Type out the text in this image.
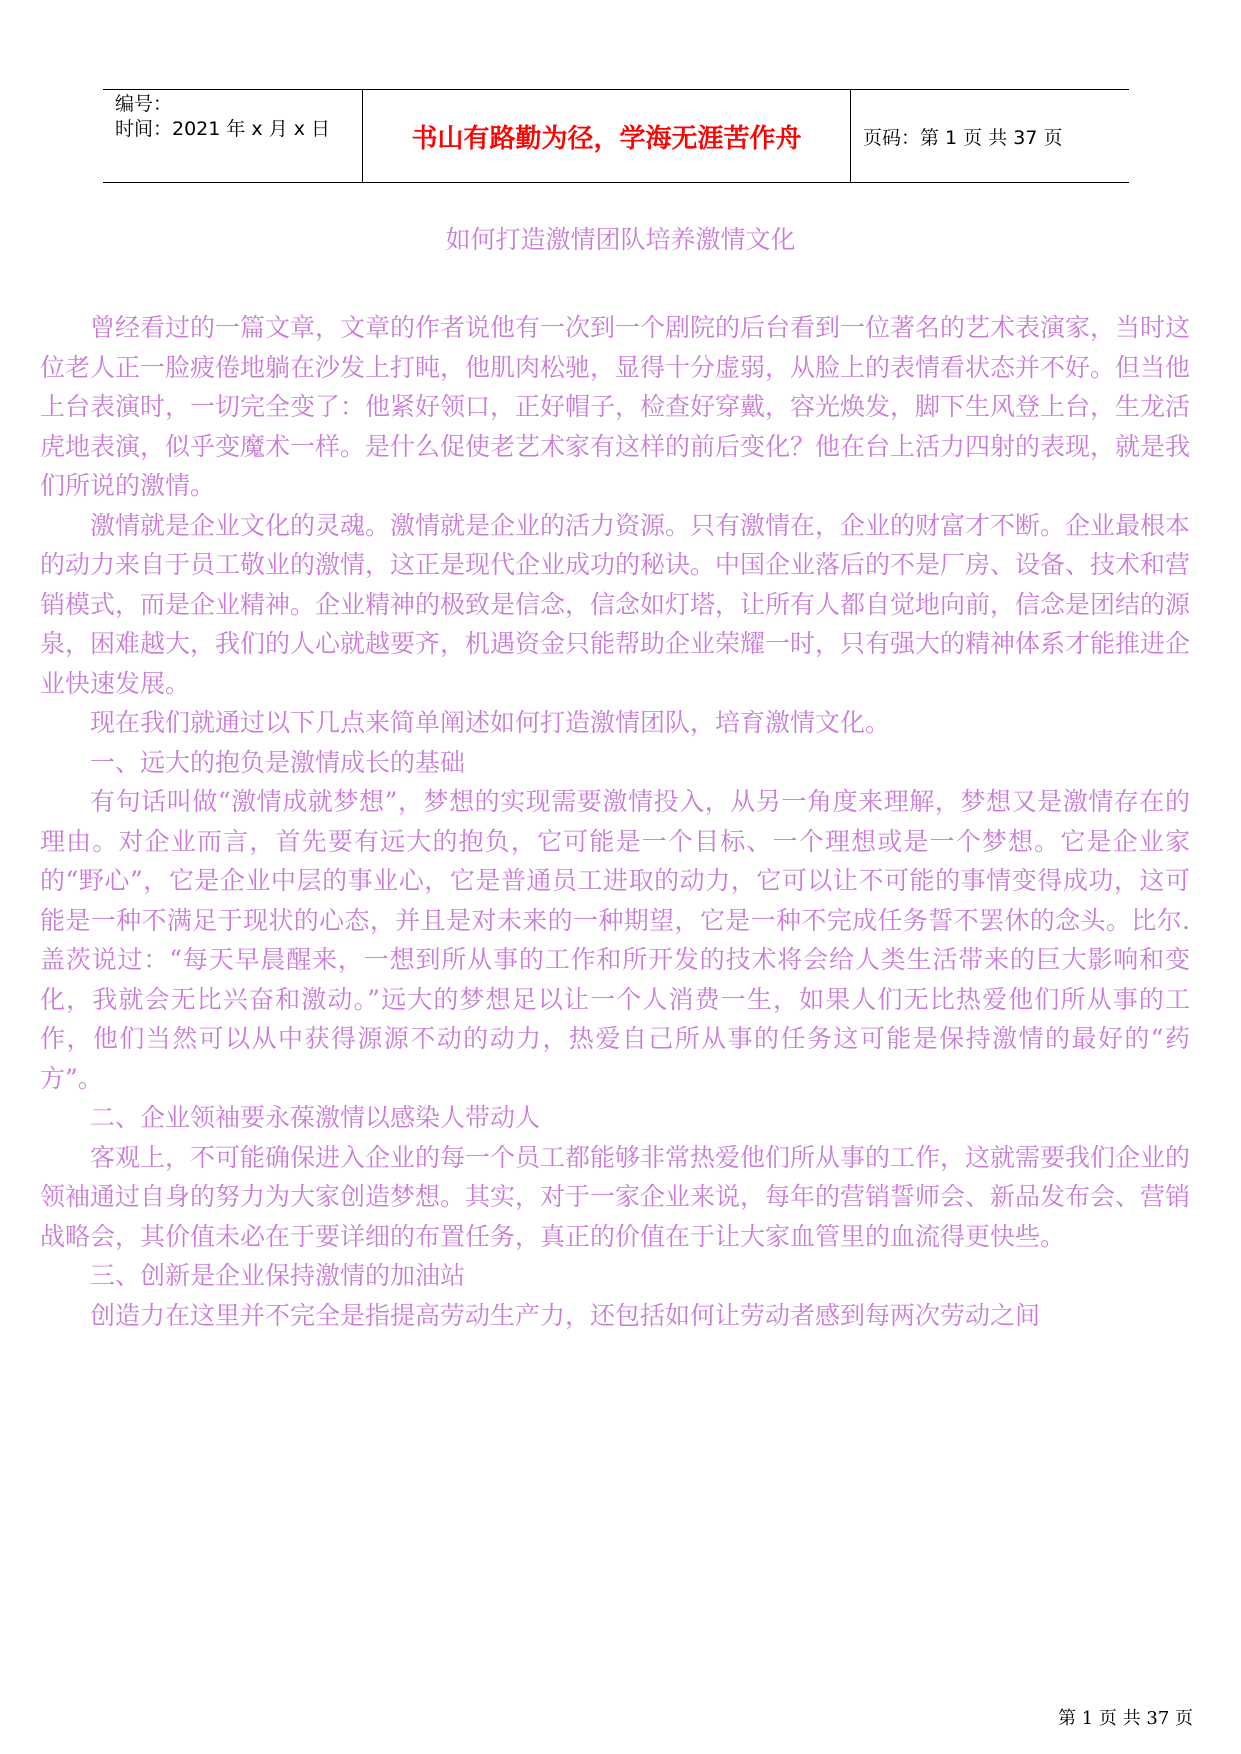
编号：
时间：2021 年 x 月 x 日	书山有路勤为径，学海无涯苦作舟	页码：第 1 页 共 37 页
如何打造激情团队培养激情文化

曾经看过的一篇文章，文章的作者说他有一次到一个剧院的后台看到一位著名的艺术表演家，当时这位老人正一脸疲倦地躺在沙发上打盹，他肌肉松驰，显得十分虚弱，从脸上的表情看状态并不好。但当他上台表演时，一切完全变了：他紧好领口，正好帽子，检查好穿戴，容光焕发，脚下生风登上台，生龙活虎地表演，似乎变魔术一样。是什么促使老艺术家有这样的前后变化？他在台上活力四射的表现，就是我们所说的激情。

激情就是企业文化的灵魂。激情就是企业的活力资源。只有激情在，企业的财富才不断。企业最根本的动力来自于员工敬业的激情，这正是现代企业成功的秘诀。中国企业落后的不是厂房、设备、技术和营销模式，而是企业精神。企业精神的极致是信念，信念如灯塔，让所有人都自觉地向前，信念是团结的源泉，困难越大，我们的人心就越要齐，机遇资金只能帮助企业荣耀一时，只有强大的精神体系才能推进企业快速发展。

现在我们就通过以下几点来简单阐述如何打造激情团队，培育激情文化。

一、远大的抱负是激情成长的基础

有句话叫做“激情成就梦想”，梦想的实现需要激情投入，从另一角度来理解，梦想又是激情存在的理由。对企业而言，首先要有远大的抱负，它可能是一个目标、一个理想或是一个梦想。它是企业家的“野心”，它是企业中层的事业心，它是普通员工进取的动力，它可以让不可能的事情变得成功，这可能是一种不满足于现状的心态，并且是对未来的一种期望，它是一种不完成任务誓不罢休的念头。比尔. 盖茨说过：“每天早晨醒来，一想到所从事的工作和所开发的技术将会给人类生活带来的巨大影响和变化，我就会无比兴奋和激动。”远大的梦想足以让一个人消费一生，如果人们无比热爱他们所从事的工作，他们当然可以从中获得源源不动的动力，热爱自己所从事的任务这可能是保持激情的最好的“药方”。

二、企业领袖要永葆激情以感染人带动人

客观上，不可能确保进入企业的每一个员工都能够非常热爱他们所从事的工作，这就需要我们企业的领袖通过自身的努力为大家创造梦想。其实，对于一家企业来说，每年的营销誓师会、新品发布会、营销战略会，其价值未必在于要详细的布置任务，真正的价值在于让大家血管里的血流得更快些。

三、创新是企业保持激情的加油站

创造力在这里并不完全是指提高劳动生产力，还包括如何让劳动者感到每两次劳动之间

第 1 页 共 37 页
